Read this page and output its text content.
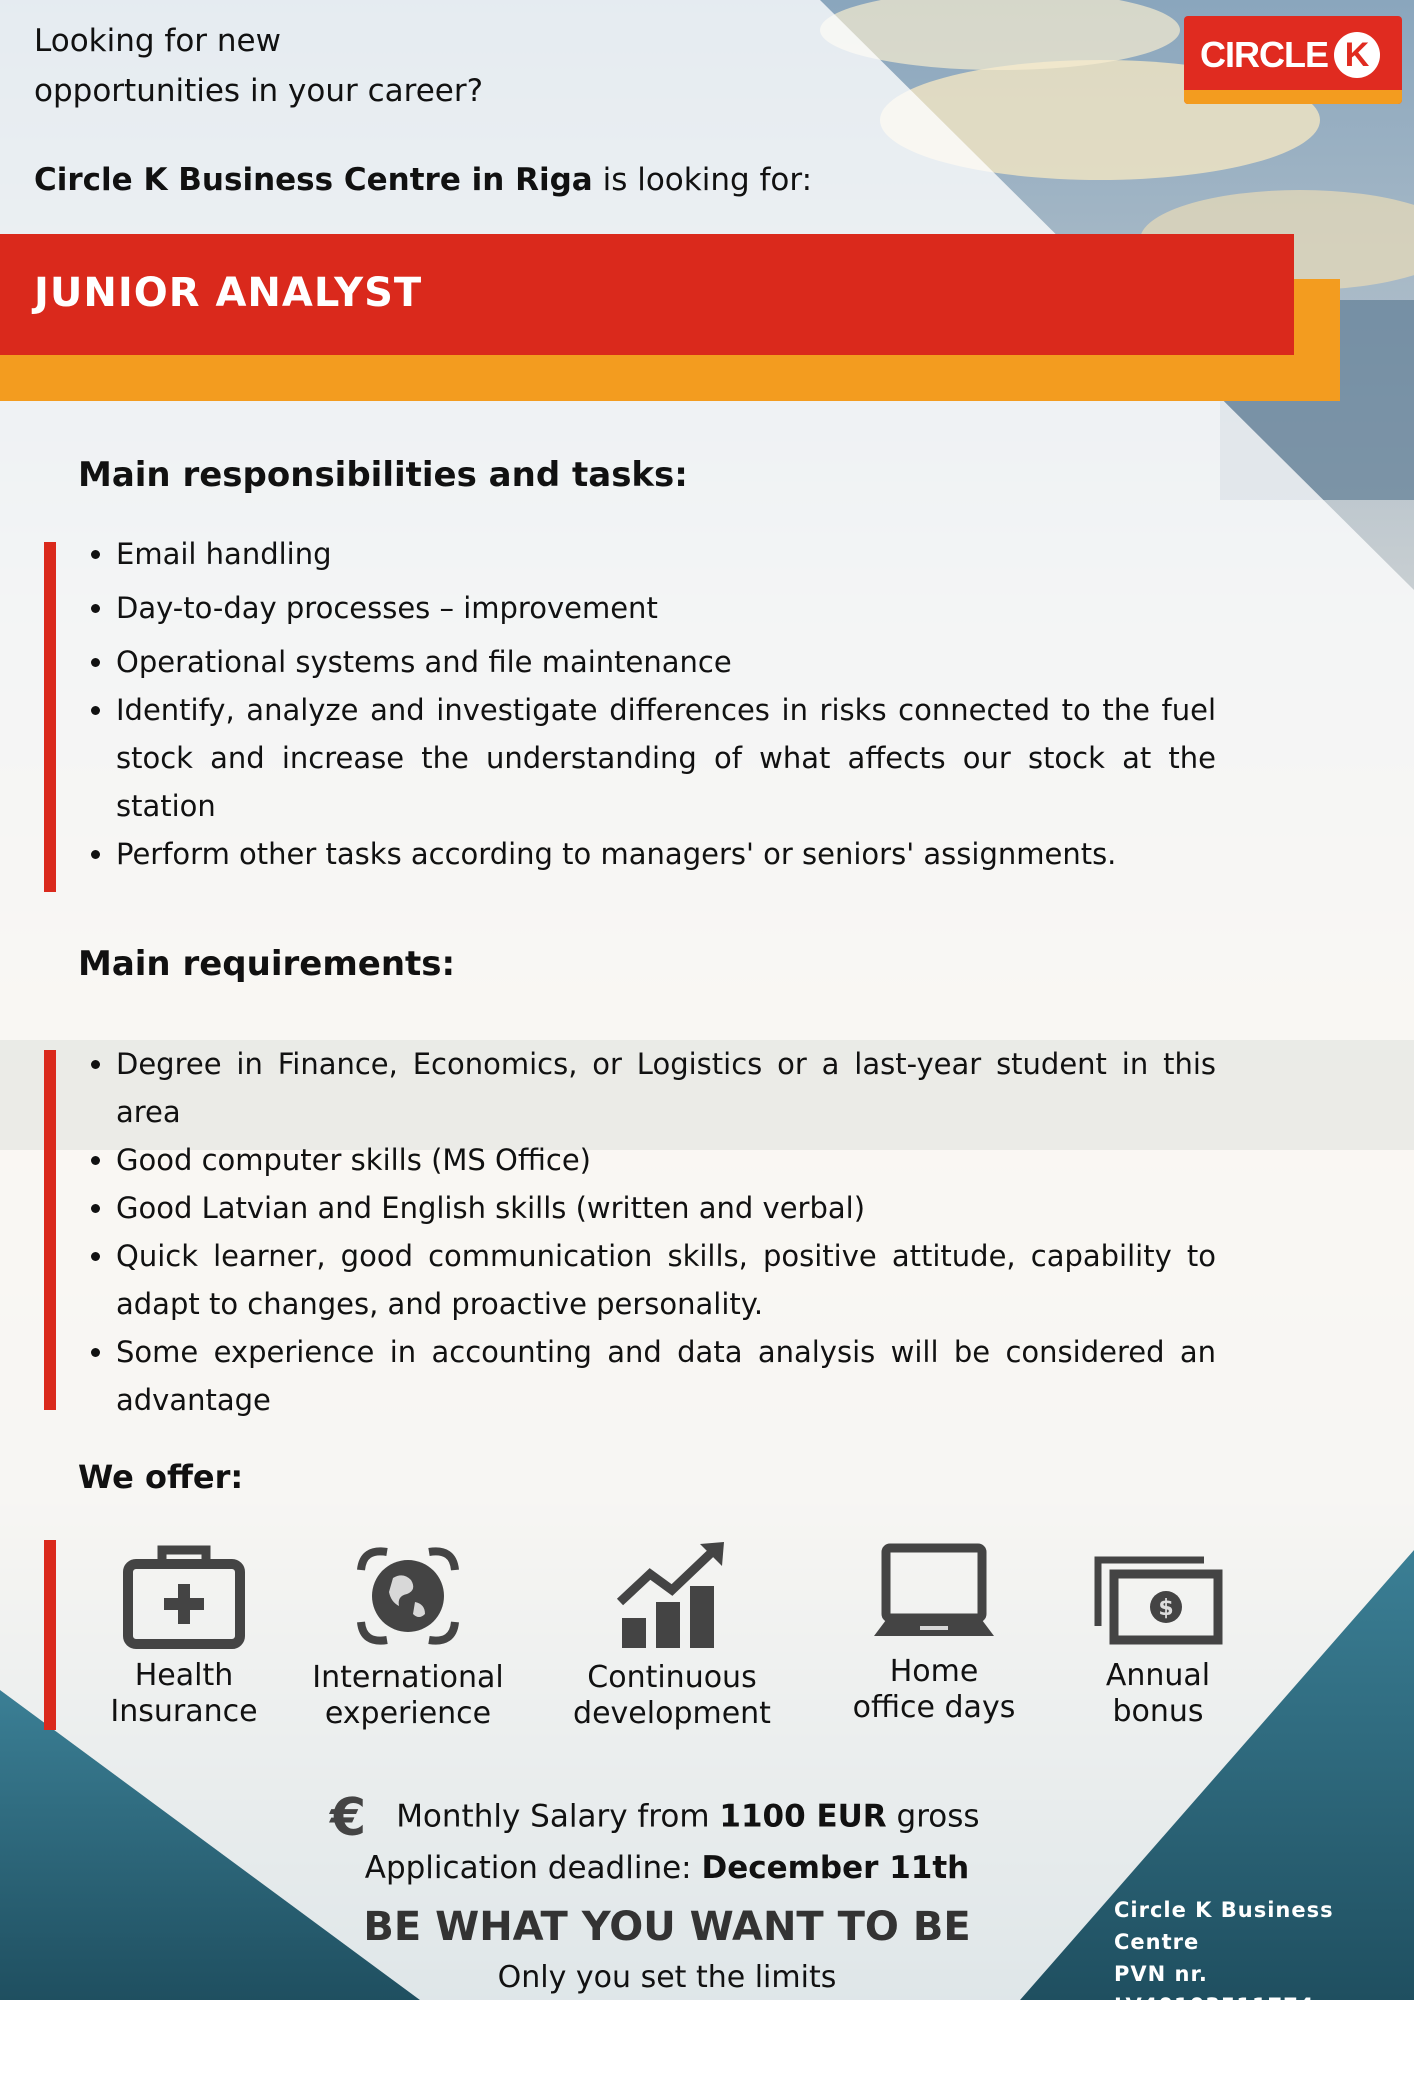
Looking for new
opportunities in your career?
Circle K Business Centre in Riga is looking for:
CIRCLE K
JUNIOR ANALYST
Main responsibilities and tasks:
• Email handling
• Day-to-day processes – improvement
• Operational systems and file maintenance
• Identify, analyze and investigate differences in risks connected to the fuel stock and increase the understanding of what affects our stock at the station
• Perform other tasks according to managers' or seniors' assignments.
Main requirements:
• Degree in Finance, Economics, or Logistics or a last-year student in this area
• Good computer skills (MS Office)
• Good Latvian and English skills (written and verbal)
• Quick learner, good communication skills, positive attitude, capability to adapt to changes, and proactive personality.
• Some experience in accounting and data analysis will be considered an advantage
We offer:
Health
Insurance
International
experience
Continuous
development
Home
office days
$
Annual
bonus
€ Monthly Salary from 1100 EUR gross
Application deadline: December 11th
BE WHAT YOU WANT TO BE
Only you set the limits
Circle K Business Centre
PVN nr. LV40103511774
Duntes 6, Riga, LV-1013
